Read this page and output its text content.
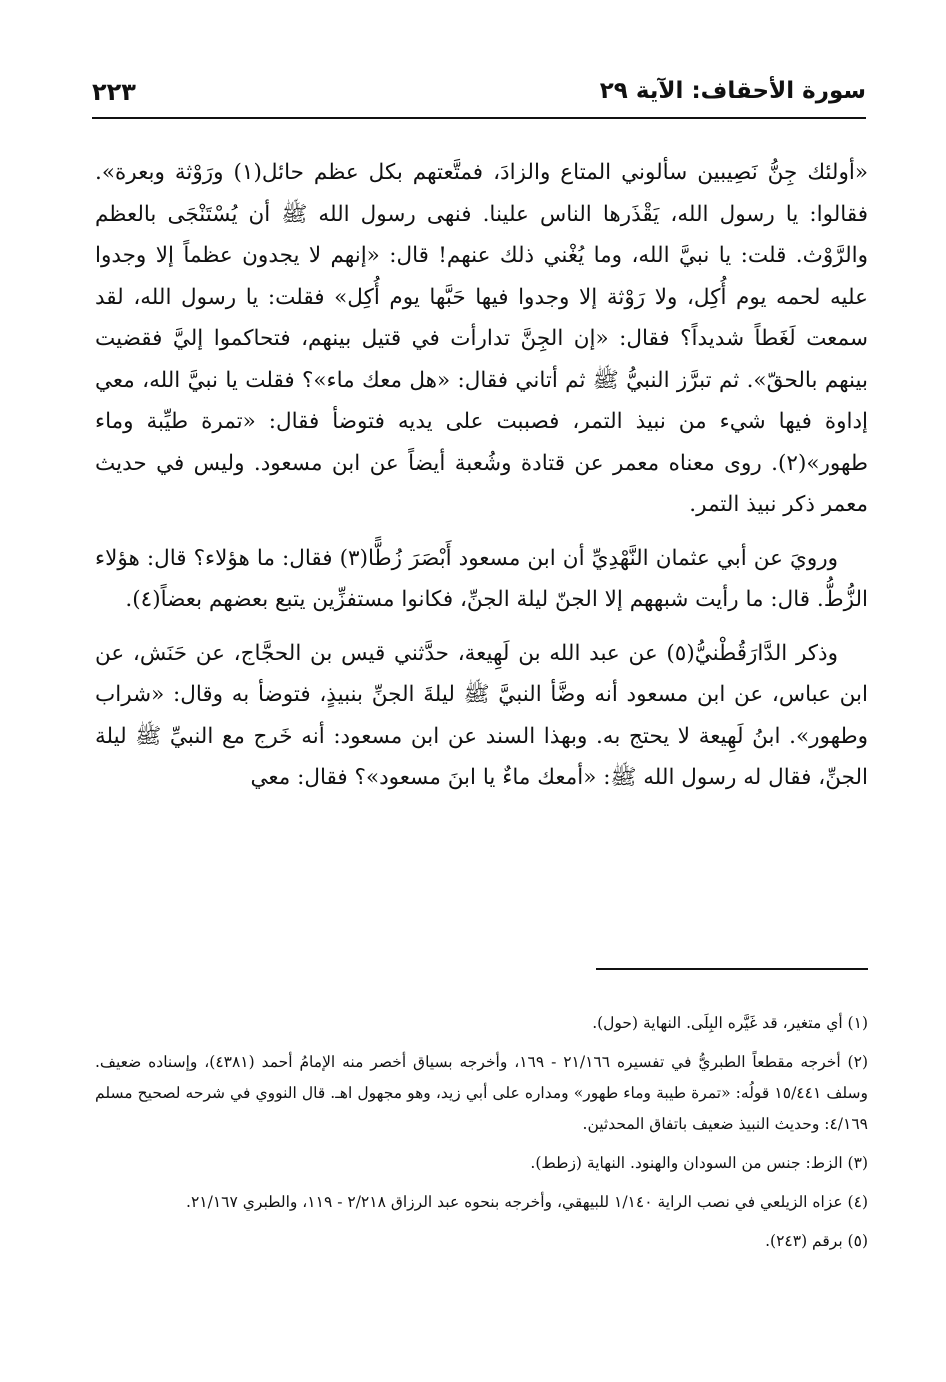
سورة الأحقاف: الآية ٢٩
٢٢٣

«أولئك جِنُّ نَصِيبين سألوني المتاع والزادَ، فمتَّعتهم بكل عظم حائل(١) ورَوْثة وبعرة». فقالوا: يا رسول الله، يَقْذَرها الناس علينا. فنهى رسول الله ﷺ أن يُسْتَنْجَى بالعظم والرَّوْث. قلت: يا نبيَّ الله، وما يُغْني ذلك عنهم! قال: «إنهم لا يجدون عظماً إلا وجدوا عليه لحمه يوم أُكِل، ولا رَوْثة إلا وجدوا فيها حَبَّها يوم أُكِل» فقلت: يا رسول الله، لقد سمعت لَغَطاً شديداً؟ فقال: «إن الجِنَّ تدارأت في قتيل بينهم، فتحاكموا إليَّ فقضيت بينهم بالحقّ». ثم تبرَّز النبيُّ ﷺ ثم أتاني فقال: «هل معك ماء»؟ فقلت يا نبيَّ الله، معي إداوة فيها شيء من نبيذ التمر، فصببت على يديه فتوضأ فقال: «تمرة طيِّبة وماء طهور»(٢). روى معناه معمر عن قتادة وشُعبة أيضاً عن ابن مسعود. وليس في حديث معمر ذكر نبيذ التمر.

ورويَ عن أبي عثمان النَّهْدِيِّ أن ابن مسعود أَبْصَرَ زُطًّا(٣) فقال: ما هؤلاء؟ قال: هؤلاء الزُّطُّ. قال: ما رأيت شبههم إلا الجنّ ليلة الجنِّ، فكانوا مستفزِّين يتبع بعضهم بعضاً(٤).

وذكر الدَّارَقُطْنيُّ(٥) عن عبد الله بن لَهِيعة، حدَّثني قيس بن الحجَّاج، عن حَنَش، عن ابن عباس، عن ابن مسعود أنه وضَّأ النبيَّ ﷺ ليلةَ الجنِّ بنبيذٍ، فتوضأ به وقال: «شراب وطهور». ابنُ لَهِيعة لا يحتج به. وبهذا السند عن ابن مسعود: أنه خَرج مع النبيِّ ﷺ ليلة الجنِّ، فقال له رسول الله ﷺ: «أمعك ماءٌ يا ابنَ مسعود»؟ فقال: معي

(١) أي متغير، قد غَيَّره البِلَى. النهاية (حول).

(٢) أخرجه مقطعاً الطبريُّ في تفسيره ٢١/١٦٦ - ١٦٩، وأخرجه بسياق أخصر منه الإمامُ أحمد (٤٣٨١)، وإسناده ضعيف. وسلف ١٥/٤٤١ قولُه: «تمرة طيبة وماء طهور» ومداره على أبي زيد، وهو مجهول اهـ. قال النووي في شرحه لصحيح مسلم ٤/١٦٩: وحديث النبيذ ضعيف باتفاق المحدثين.

(٣) الزط: جنس من السودان والهنود. النهاية (زطط).

(٤) عزاه الزيلعي في نصب الراية ١/١٤٠ للبيهقي، وأخرجه بنحوه عبد الرزاق ٢/٢١٨ - ١١٩، والطبري ٢١/١٦٧.

(٥) برقم (٢٤٣).
